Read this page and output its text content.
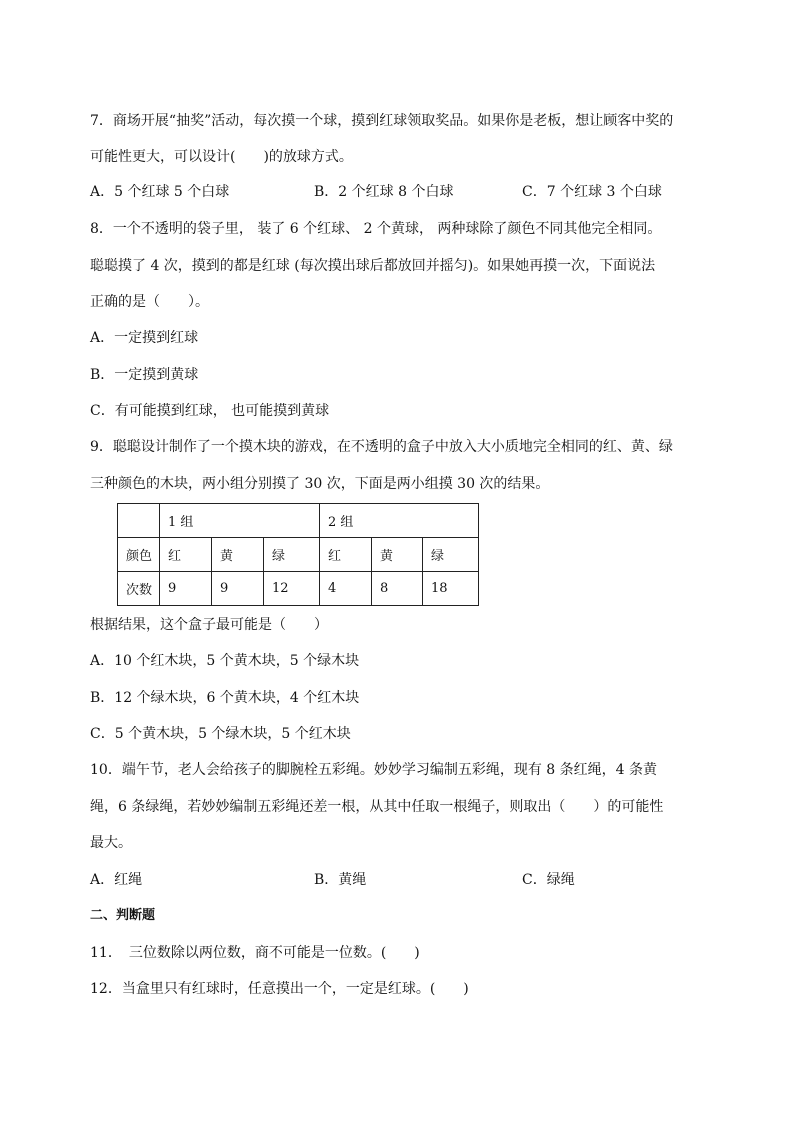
7．商场开展“抽奖”活动，每次摸一个球，摸到红球领取奖品。如果你是老板，想让顾客中奖的
可能性更大，可以设计(　　)的放球方式。
A．5 个红球 5 个白球	B．2 个红球 8 个白球	C．7 个红球 3 个白球
8．一个不透明的袋子里， 装了 6 个红球、 2 个黄球， 两种球除了颜色不同其他完全相同。
聪聪摸了 4 次，摸到的都是红球 (每次摸出球后都放回并摇匀)。如果她再摸一次，下面说法
正确的是（　　）。
A．一定摸到红球
B．一定摸到黄球
C．有可能摸到红球， 也可能摸到黄球
9．聪聪设计制作了一个摸木块的游戏，在不透明的盒子中放入大小质地完全相同的红、黄、绿
三种颜色的木块，两小组分别摸了 30 次，下面是两小组摸 30 次的结果。
	1 组			2 组		
颜色	红	黄	绿	红	黄	绿
次数	9	9	12	4	8	18
根据结果，这个盒子最可能是（　　）
A．10 个红木块，5 个黄木块，5 个绿木块
B．12 个绿木块，6 个黄木块，4 个红木块
C．5 个黄木块，5 个绿木块，5 个红木块
10．端午节，老人会给孩子的脚腕栓五彩绳。妙妙学习编制五彩绳，现有 8 条红绳，4 条黄
绳，6 条绿绳，若妙妙编制五彩绳还差一根，从其中任取一根绳子，则取出（　　）的可能性
最大。
A．红绳	B．黄绳	C．绿绳
二、判断题
11．　三位数除以两位数，商不可能是一位数。(　　)
12．当盒里只有红球时，任意摸出一个，一定是红球。(　　)
